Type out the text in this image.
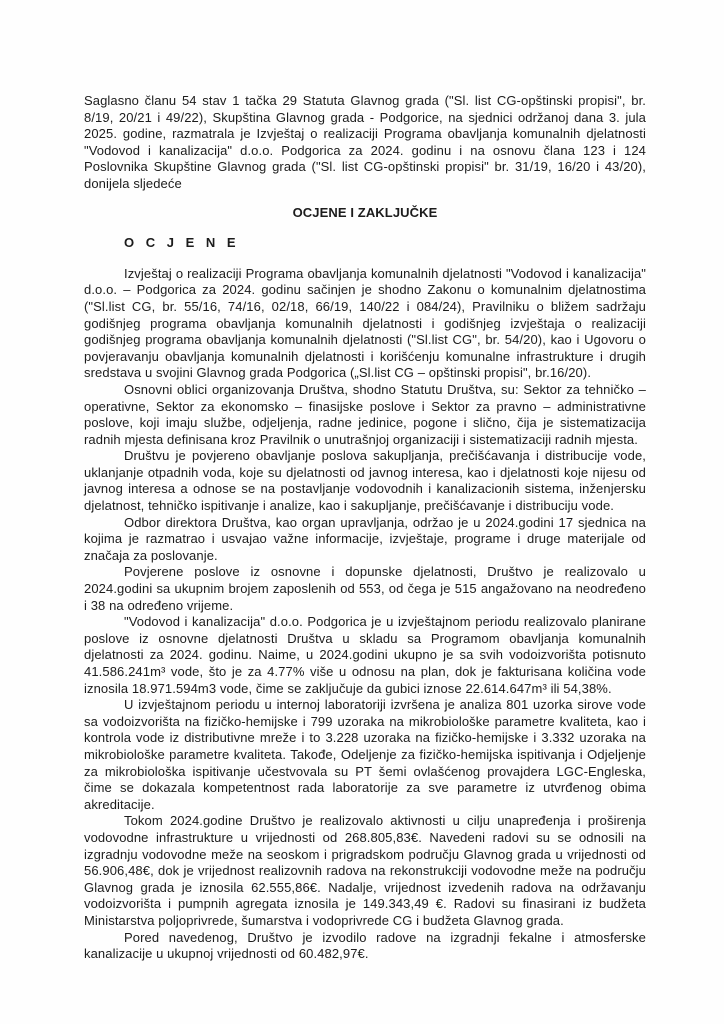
Saglasno članu 54 stav 1 tačka 29 Statuta Glavnog grada ("Sl. list CG-opštinski propisi", br. 8/19, 20/21 i 49/22), Skupština Glavnog grada - Podgorice, na sjednici održanoj dana 3. jula 2025. godine, razmatrala je Izvještaj o realizaciji Programa obavljanja komunalnih djelatnosti "Vodovod i kanalizacija" d.o.o. Podgorica za 2024. godinu i na osnovu člana 123 i 124 Poslovnika Skupštine Glavnog grada ("Sl. list CG-opštinski propisi" br. 31/19, 16/20 i 43/20), donijela sljedeće

OCJENE I ZAKLJUČKE

O C J E N E

Izvještaj o realizaciji Programa obavljanja komunalnih djelatnosti "Vodovod i kanalizacija" d.o.o. – Podgorica za 2024. godinu sačinjen je shodno Zakonu o komunalnim djelatnostima ("Sl.list CG, br. 55/16, 74/16, 02/18, 66/19, 140/22 i 084/24), Pravilniku o bližem sadržaju godišnjeg programa obavljanja komunalnih djelatnosti i godišnjeg izvještaja o realizaciji godišnjeg programa obavljanja komunalnih djelatnosti ("Sl.list CG", br. 54/20), kao i Ugovoru o povjeravanju obavljanja komunalnih djelatnosti i korišćenju komunalne infrastrukture i drugih sredstava u svojini Glavnog grada Podgorica („Sl.list CG – opštinski propisi", br.16/20).

Osnovni oblici organizovanja Društva, shodno Statutu Društva, su: Sektor za tehničko – operativne, Sektor za ekonomsko – finasijske poslove i Sektor za pravno – administrativne poslove, koji imaju službe, odjeljenja, radne jedinice, pogone i slično, čija je sistematizacija radnih mjesta definisana kroz Pravilnik o unutrašnjoj organizaciji i sistematizaciji radnih mjesta.

Društvu je povjereno obavljanje poslova sakupljanja, prečišćavanja i distribucije vode, uklanjanje otpadnih voda, koje su djelatnosti od javnog interesa, kao i djelatnosti koje nijesu od javnog interesa a odnose se na postavljanje vodovodnih i kanalizacionih sistema, inženjersku djelatnost, tehničko ispitivanje i analize, kao i sakupljanje, prečišćavanje i distribuciju vode.

Odbor direktora Društva, kao organ upravljanja, održao je u 2024.godini 17 sjednica na kojima je razmatrao i usvajao važne informacije, izvještaje, programe i druge materijale od značaja za poslovanje.

Povjerene poslove iz osnovne i dopunske djelatnosti, Društvo je realizovalo u 2024.godini sa ukupnim brojem zaposlenih od 553, od čega je 515 angažovano na neodređeno i 38 na određeno vrijeme.

"Vodovod i kanalizacija" d.o.o. Podgorica je u izvještajnom periodu realizovalo planirane poslove iz osnovne djelatnosti Društva u skladu sa Programom obavljanja komunalnih djelatnosti za 2024. godinu. Naime, u 2024.godini ukupno je sa svih vodoizvorišta potisnuto 41.586.241m³ vode, što je za 4.77% više u odnosu na plan, dok je fakturisana količina vode iznosila 18.971.594m3 vode, čime se zaključuje da gubici iznose 22.614.647m³ ili 54,38%.

U izvještajnom periodu u internoj laboratoriji izvršena je analiza 801 uzorka sirove vode sa vodoizvorišta na fizičko-hemijske i 799 uzoraka na mikrobiološke parametre kvaliteta, kao i kontrola vode iz distributivne mreže i to 3.228 uzoraka na fizičko-hemijske i 3.332 uzoraka na mikrobiološke parametre kvaliteta. Takođe, Odeljenje za fizičko-hemijska ispitivanja i Odjeljenje za mikrobiološka ispitivanje učestvovala su PT šemi ovlašćenog provajdera LGC-Engleska, čime se dokazala kompetentnost rada laboratorije za sve parametre iz utvrđenog obima akreditacije.

Tokom 2024.godine Društvo je realizovalo aktivnosti u cilju unapređenja i proširenja vodovodne infrastrukture u vrijednosti od 268.805,83€. Navedeni radovi su se odnosili na izgradnju vodovodne meže na seoskom i prigradskom području Glavnog grada u vrijednosti od 56.906,48€, dok je vrijednost realizovnih radova na rekonstrukciji vodovodne meže na području Glavnog grada je iznosila 62.555,86€. Nadalje, vrijednost izvedenih radova na održavanju vodoizvorišta i pumpnih agregata iznosila je 149.343,49 €. Radovi su finasirani iz budžeta Ministarstva poljoprivrede, šumarstva i vodoprivrede CG i budžeta Glavnog grada.

Pored navedenog, Društvo je izvodilo radove na izgradnji fekalne i atmosferske kanalizacije u ukupnoj vrijednosti od 60.482,97€.
